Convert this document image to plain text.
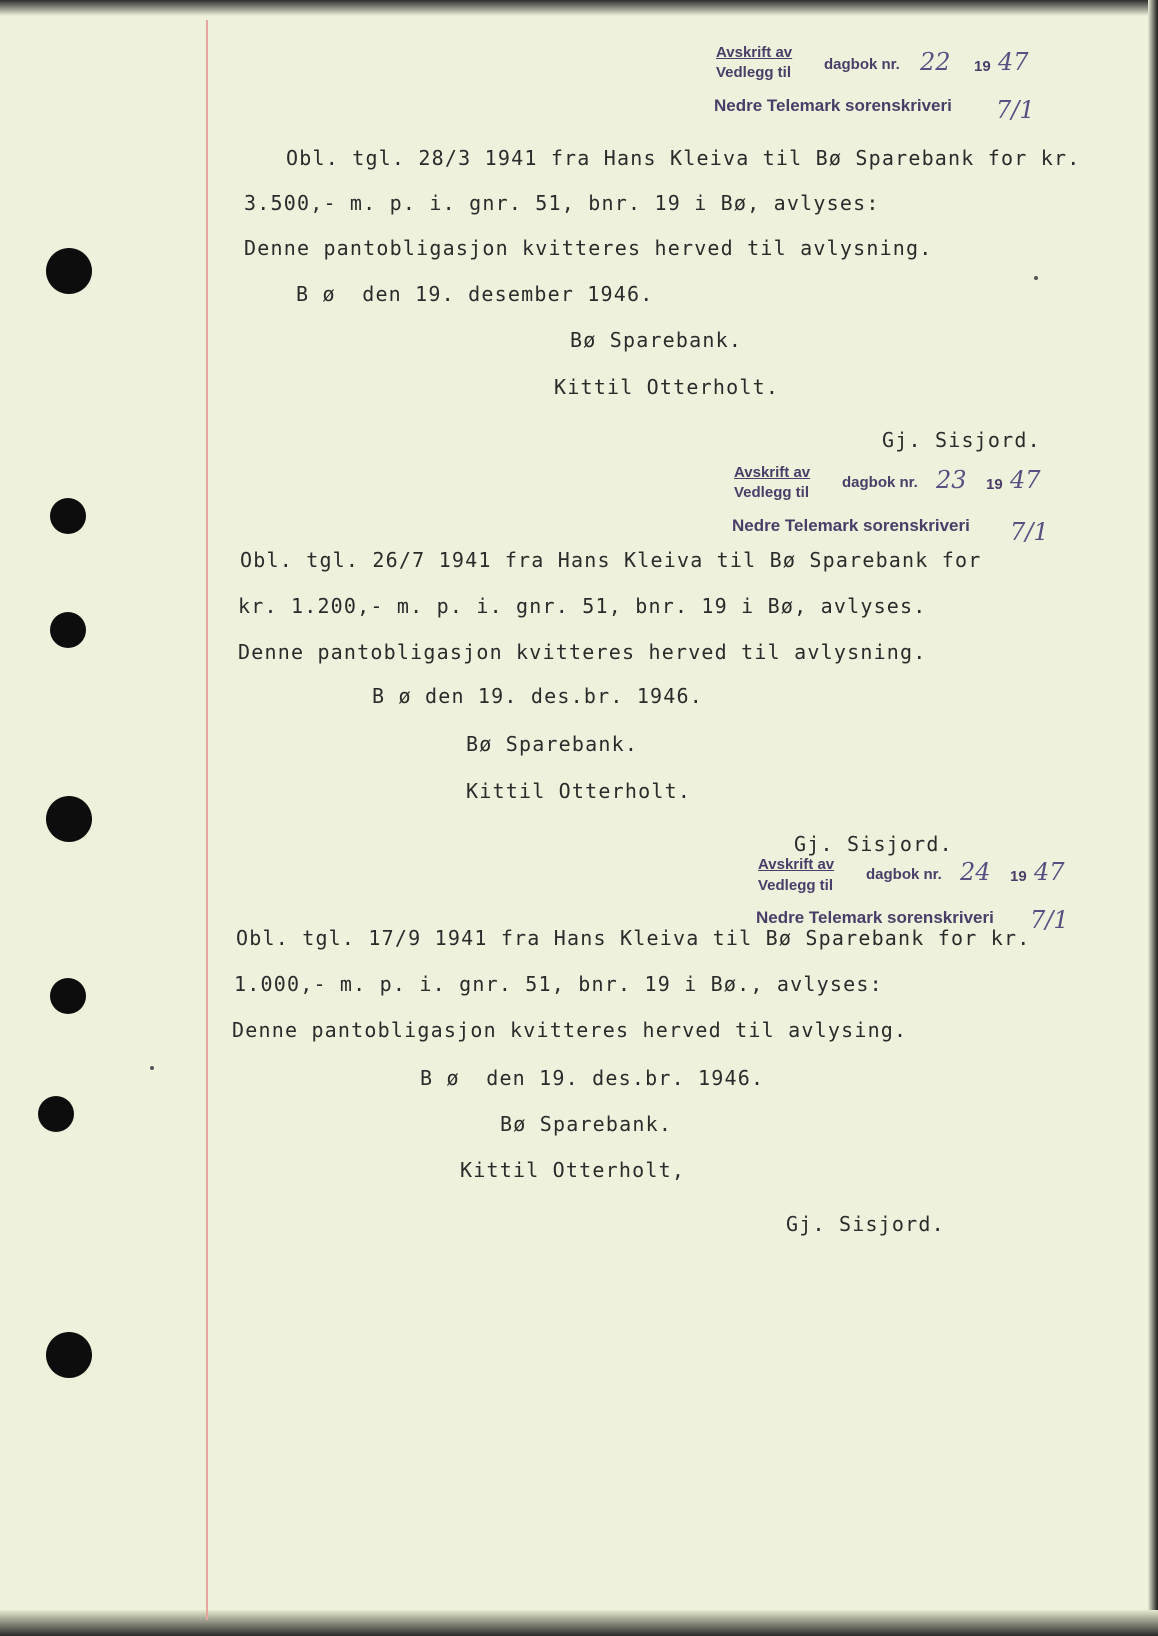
Avskrift av
Vedlegg til dagbok nr. 22 19 47
Nedre Telemark sorenskriveri 7/1
Obl. tgl. 28/3 1941 fra Hans Kleiva til Bø Sparebank for kr.
3.500,- m. p. i. gnr. 51, bnr. 19 i Bø, avlyses:
Denne pantobligasjon kvitteres herved til avlysning.
B ø  den 19. desember 1946.
Bø Sparebank.
Kittil Otterholt.
Gj. Sisjord.
Avskrift av
Vedlegg til
dagbok nr. 23 19 47
Nedre Telemark sorenskriveri 7/1
Obl. tgl. 26/7 1941 fra Hans Kleiva til Bø Sparebank for
kr. 1.200,- m. p. i. gnr. 51, bnr. 19 i Bø, avlyses.
Denne pantobligasjon kvitteres herved til avlysning.
B ø den 19. des.br. 1946.
Bø Sparebank.
Kittil Otterholt.
Gj. Sisjord.
Avskrift av
Vedlegg til
dagbok nr. 24 19 47
Nedre Telemark sorenskriveri 7/1
Obl. tgl. 17/9 1941 fra Hans Kleiva til Bø Sparebank for kr.
1.000,- m. p. i. gnr. 51, bnr. 19 i Bø., avlyses:
Denne pantobligasjon kvitteres herved til avlysing.
B ø  den 19. des.br. 1946.
Bø Sparebank.
Kittil Otterholt,
Gj. Sisjord.
